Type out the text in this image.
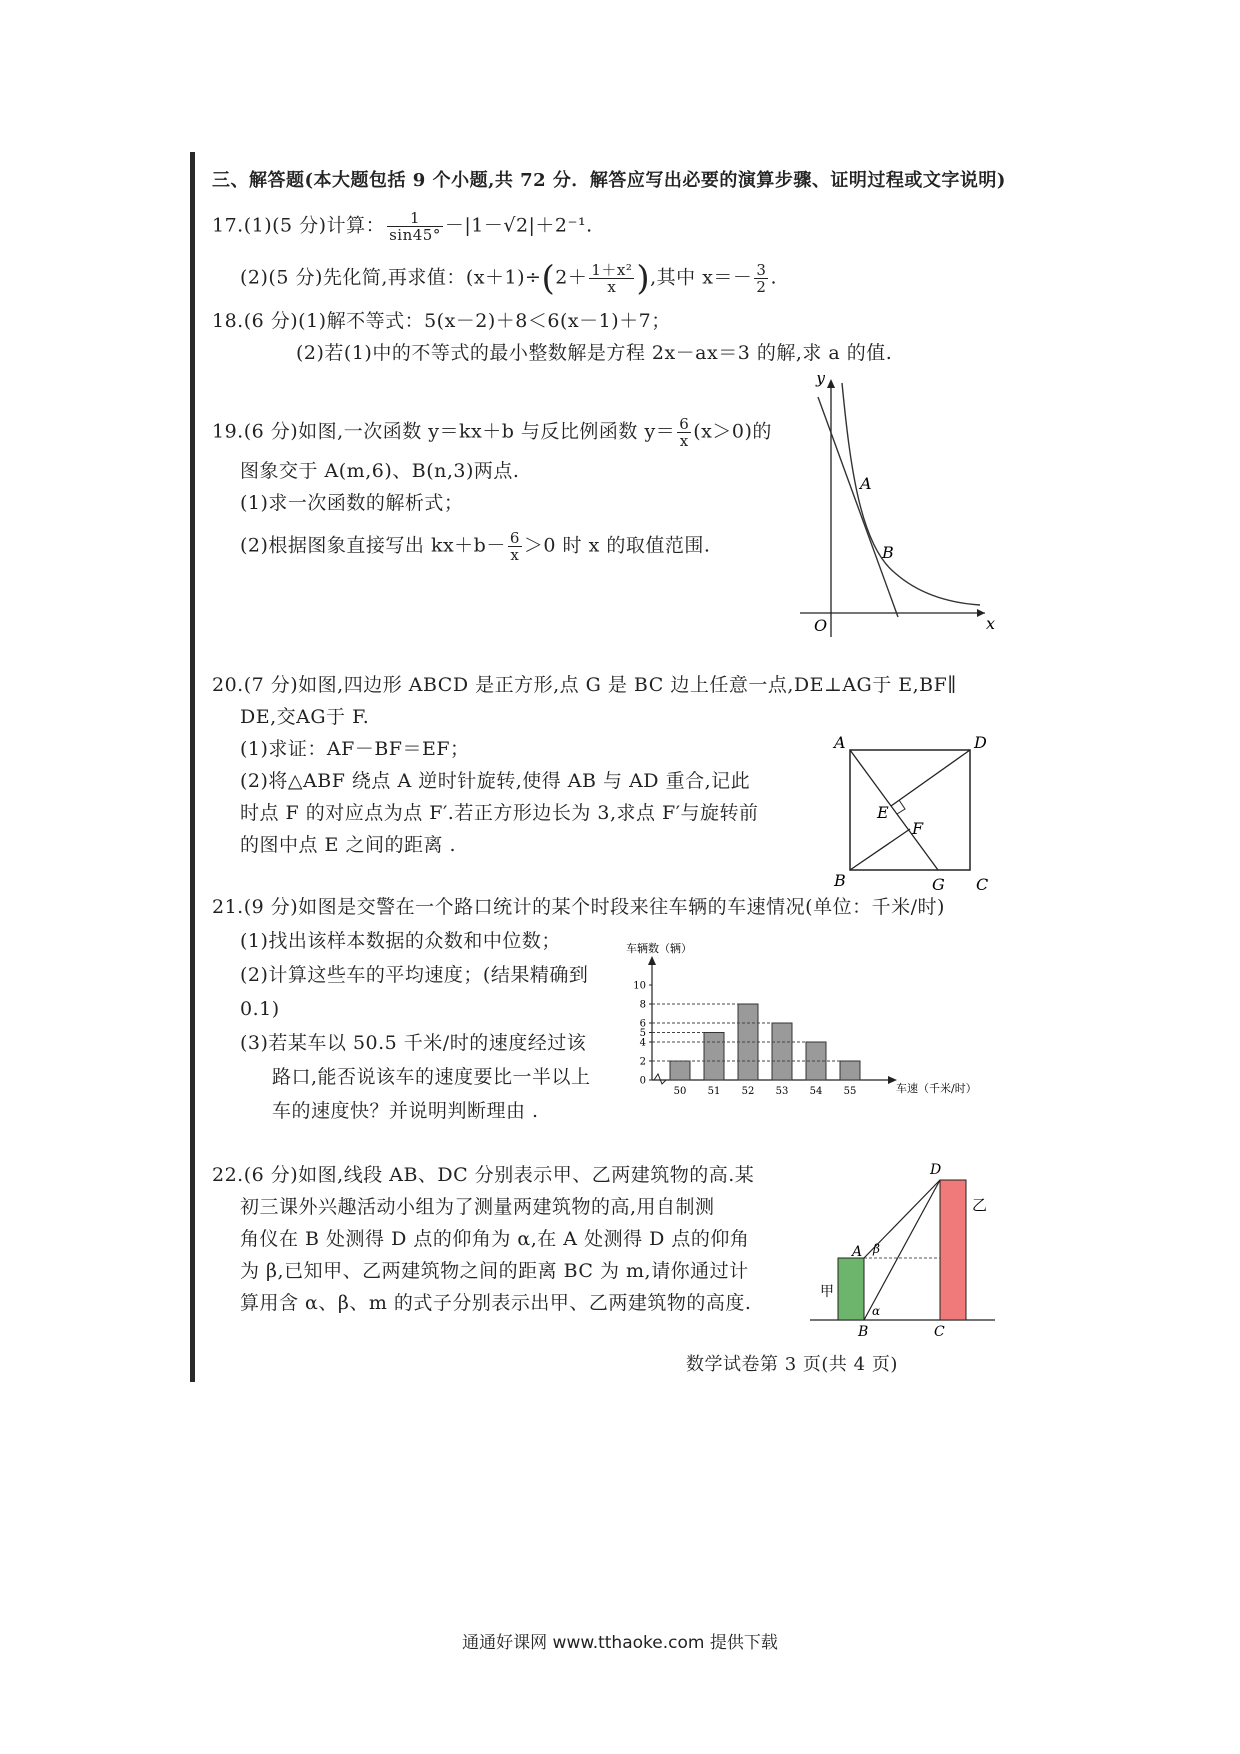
三、解答题(本大题包括 9 个小题,共 72 分．解答应写出必要的演算步骤、证明过程或文字说明)
17.(1)(5 分)计算： $\frac{1}{\sin 45^\circ} -|1-√2|+2^{-1}$.
(2)(5 分)先化简,再求值：$(x+1)\div(2+ \frac{\text{1＋x²}}{x}$ ),其中 $x=- \frac{3}{2}$ .
18.(6 分)(1)解不等式：5(x－2)＋8＜6(x－1)＋7；
(2)若(1)中的不等式的最小整数解是方程 2x－ax＝3 的解,求 a 的值.
19.(6 分)如图,一次函数 y＝kx＋b 与反比例函数 $y= \frac{6}{x} (x>0)$的
图象交于 A(m,6)、B(n,3)两点.
(1)求一次函数的解析式；
(2)根据图象直接写出 $kx+b- \frac{6}{x} >0$ 时 x 的取值范围.
y
x
O
A
B
20.(7 分)如图,四边形 ABCD 是正方形,点 G 是 BC 边上任意一点,DE⊥AG于 E,BF∥
DE,交AG于 F.
(1)求证：AF－BF＝EF；
(2)将△ABF 绕点 A 逆时针旋转,使得 AB 与 AD 重合,记此
时点 F 的对应点为点 F′.若正方形边长为 3,求点 F′与旋转前
的图中点 E 之间的距离 .
A	D
B	C
G
E
F
21.(9 分)如图是交警在一个路口统计的某个时段来往车辆的车速情况(单位：千米/时)
(1)找出该样本数据的众数和中位数；
(2)计算这些车的平均速度；(结果精确到
0.1)
(3)若某车以 50.5 千米/时的速度经过该
路口,能否说该车的速度要比一半以上
车的速度快？并说明判断理由 .
车辆数（辆）
车速（千米/时）
0
2
4
5
6
8
10
50 51 52 53 54 55
22.(6 分)如图,线段 AB、DC 分别表示甲、乙两建筑物的高.某
初三课外兴趣活动小组为了测量两建筑物的高,用自制测
角仪在 B 处测得 D 点的仰角为 α,在 A 处测得 D 点的仰角
为 β,已知甲、乙两建筑物之间的距离 BC 为 m,请你通过计
算用含 α、β、m 的式子分别表示出甲、乙两建筑物的高度.
D
乙
甲
A
B	C
β
α
数学试卷第 3 页(共 4 页)
通通好课网 www.tthaoke.com 提供下载
